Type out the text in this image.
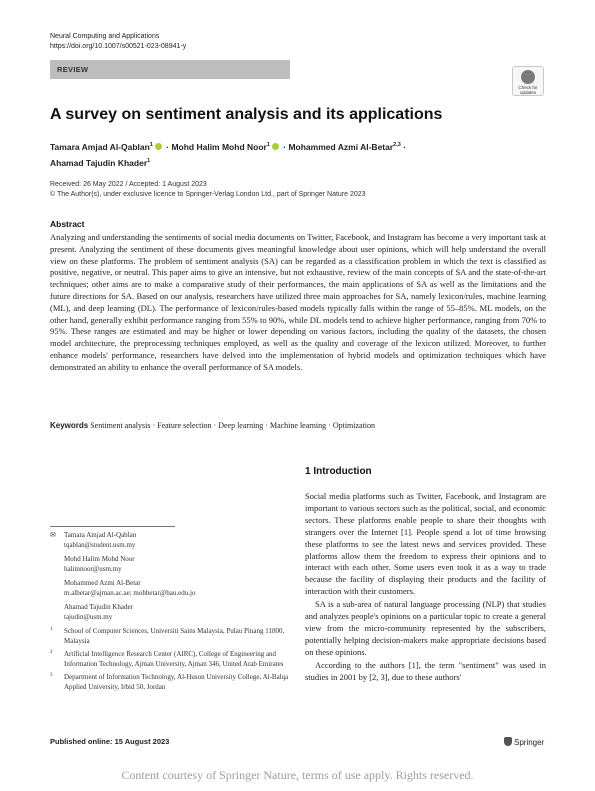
Neural Computing and Applications
https://doi.org/10.1007/s00521-023-08941-y
REVIEW
Check for
updates
A survey on sentiment analysis and its applications
Tamara Amjad Al-Qablan$^1$ · Mohd Halim Mohd Noor$^1$ · Mohammed Azmi Al-Betar$^{2,3}$ ·
Ahamad Tajudin Khader$^1$
Received: 26 May 2022 / Accepted: 1 August 2023
© The Author(s), under exclusive licence to Springer-Verlag London Ltd., part of Springer Nature 2023
Abstract
Analyzing and understanding the sentiments of social media documents on Twitter, Facebook, and Instagram has become a very important task at present. Analyzing the sentiment of these documents gives meaningful knowledge about user opinions, which will help understand the overall view on these platforms. The problem of sentiment analysis (SA) can be regarded as a classification problem in which the text is classified as positive, negative, or neutral. This paper aims to give an intensive, but not exhaustive, review of the main concepts of SA and the state-of-the-art techniques; other aims are to make a comparative study of their performances, the main applications of SA as well as the limitations and the future directions for SA. Based on our analysis, researchers have utilized three main approaches for SA, namely lexicon/rules, machine learning (ML), and deep learning (DL). The performance of lexicon/rules-based models typically falls within the range of 55–85%. ML models, on the other hand, generally exhibit performance ranging from 55% to 90%, while DL models tend to achieve higher performance, ranging from 70% to 95%. These ranges are estimated and may be higher or lower depending on various factors, including the quality of the datasets, the chosen model architecture, the preprocessing techniques employed, as well as the quality and coverage of the lexicon utilized. Moreover, to further enhance models' performance, researchers have delved into the implementation of hybrid models and optimization techniques which have demonstrated an ability to enhance the overall performance of SA models.
Keywords Sentiment analysis · Feature selection · Deep learning · Machine learning · Optimization
1 Introduction

Social media platforms such as Twitter, Facebook, and Instagram are important to various sectors such as the political, social, and economic sectors. These platforms enable people to share their thoughts with strangers over the Internet [1]. People spend a lot of time browsing these platforms to see the latest news and services provided. These platforms allow them the freedom to express their opinions and to interact with each other. Some users even took it as a way to trade because the facility of displaying their products and the facility of interaction with their customers.

SA is a sub-area of natural language processing (NLP) that studies and analyzes people's opinions on a particular topic to create a general view from the micro-community represented by the subscribers, potentially helping decision-makers make appropriate decisions based on these opinions.

According to the authors [1], the term "sentiment" was used in studies in 2001 by [2, 3], due to these authors'

✉ Tamara Amjad Al-Qablan
tqablan@student.usm.my
Mohd Halim Mohd Noor
halimnoor@usm.my
Mohammed Azmi Al-Betar
m.albetar@ajman.ac.ae; mohbetar@bau.edu.jo
Ahamad Tajudin Khader
tajudin@usm.my
1 School of Computer Sciences, Universiti Sains Malaysia, Pulau Pinang 11800, Malaysia
2 Artificial Intelligence Research Center (AIRC), College of Engineering and Information Technology, Ajman University, Ajman 346, United Arab Emirates
3 Department of Information Technology, Al-Huson University College, Al-Balqa Applied University, Irbid 50, Jordan
Published online: 15 August 2023	Springer
Content courtesy of Springer Nature, terms of use apply. Rights reserved.
